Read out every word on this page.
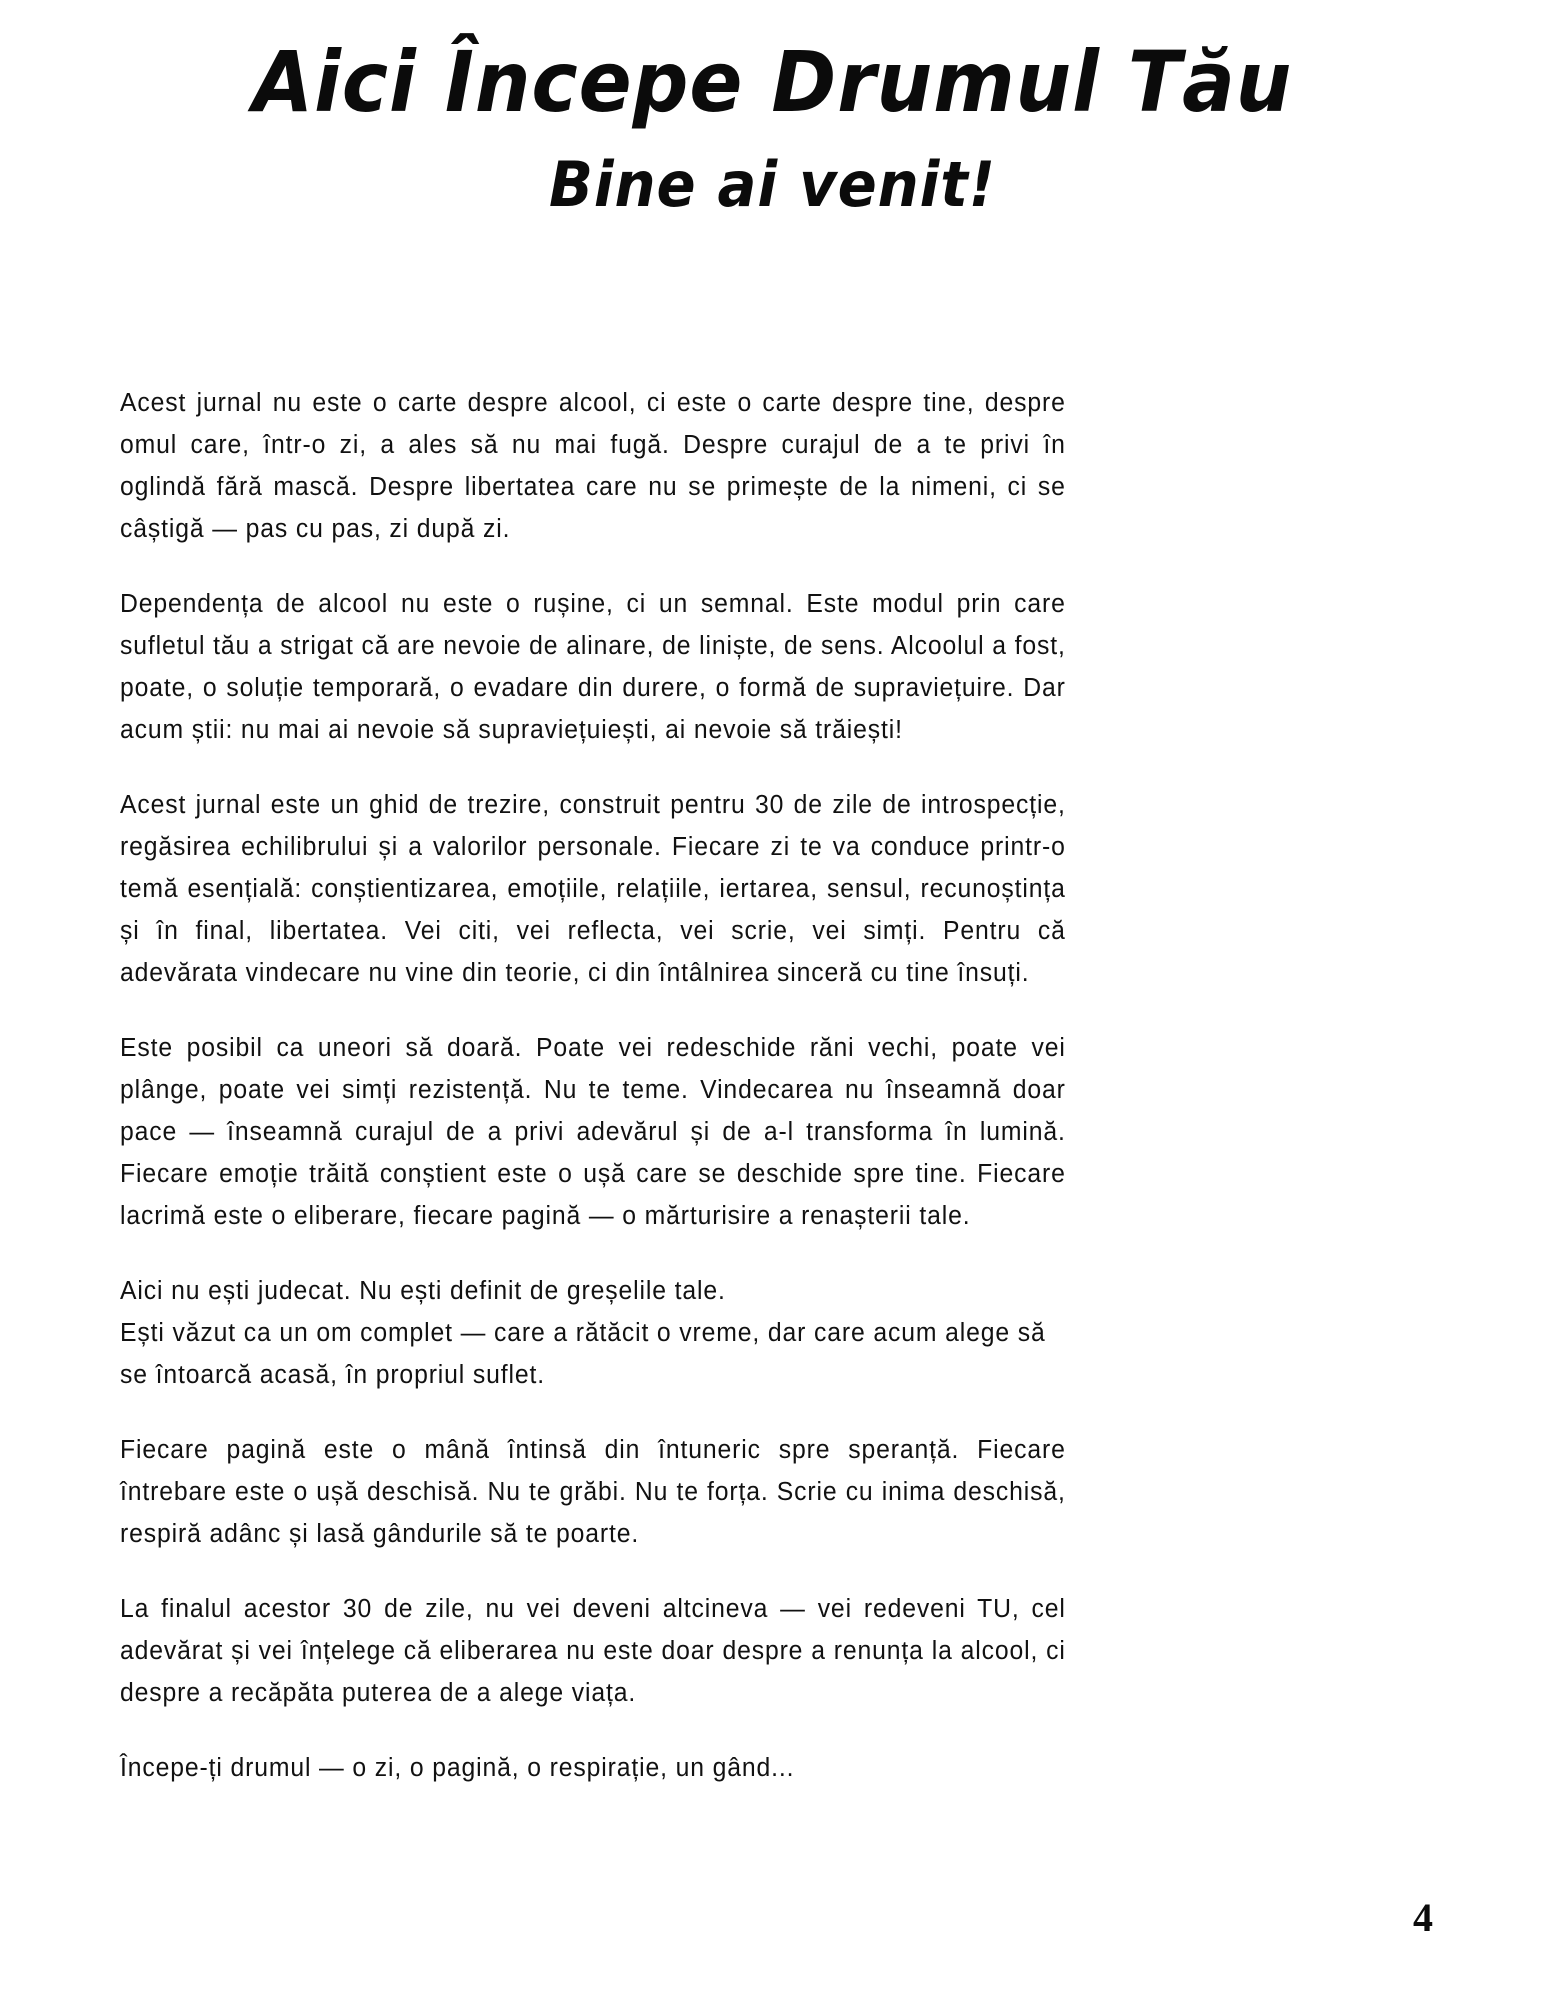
Aici Începe Drumul Tău
Bine ai venit!

Acest jurnal nu este o carte despre alcool, ci este o carte despre tine, despre omul care, într-o zi, a ales să nu mai fugă. Despre curajul de a te privi în oglindă fără mască. Despre libertatea care nu se primește de la nimeni, ci se câștigă — pas cu pas, zi după zi.

Dependența de alcool nu este o rușine, ci un semnal. Este modul prin care sufletul tău a strigat că are nevoie de alinare, de liniște, de sens. Alcoolul a fost, poate, o soluție temporară, o evadare din durere, o formă de supraviețuire. Dar acum știi: nu mai ai nevoie să supraviețuiești, ai nevoie să trăiești!

Acest jurnal este un ghid de trezire, construit pentru 30 de zile de introspecție, regăsirea echilibrului și a valorilor personale. Fiecare zi te va conduce printr-o temă esențială: conștientizarea, emoțiile, relațiile, iertarea, sensul, recunoștința și în final, libertatea. Vei citi, vei reflecta, vei scrie, vei simți. Pentru că adevărata vindecare nu vine din teorie, ci din întâlnirea sinceră cu tine însuți.

Este posibil ca uneori să doară. Poate vei redeschide răni vechi, poate vei plânge, poate vei simți rezistență. Nu te teme. Vindecarea nu înseamnă doar pace — înseamnă curajul de a privi adevărul și de a-l transforma în lumină. Fiecare emoție trăită conștient este o ușă care se deschide spre tine. Fiecare lacrimă este o eliberare, fiecare pagină — o mărturisire a renașterii tale.

Aici nu ești judecat. Nu ești definit de greșelile tale.
Ești văzut ca un om complet — care a rătăcit o vreme, dar care acum alege să se întoarcă acasă, în propriul suflet.

Fiecare pagină este o mână întinsă din întuneric spre speranță. Fiecare întrebare este o ușă deschisă. Nu te grăbi. Nu te forța. Scrie cu inima deschisă, respiră adânc și lasă gândurile să te poarte.

La finalul acestor 30 de zile, nu vei deveni altcineva — vei redeveni TU, cel adevărat și vei înțelege că eliberarea nu este doar despre a renunța la alcool, ci despre a recăpăta puterea de a alege viața.

Începe-ți drumul — o zi, o pagină, o respirație, un gând...

4
